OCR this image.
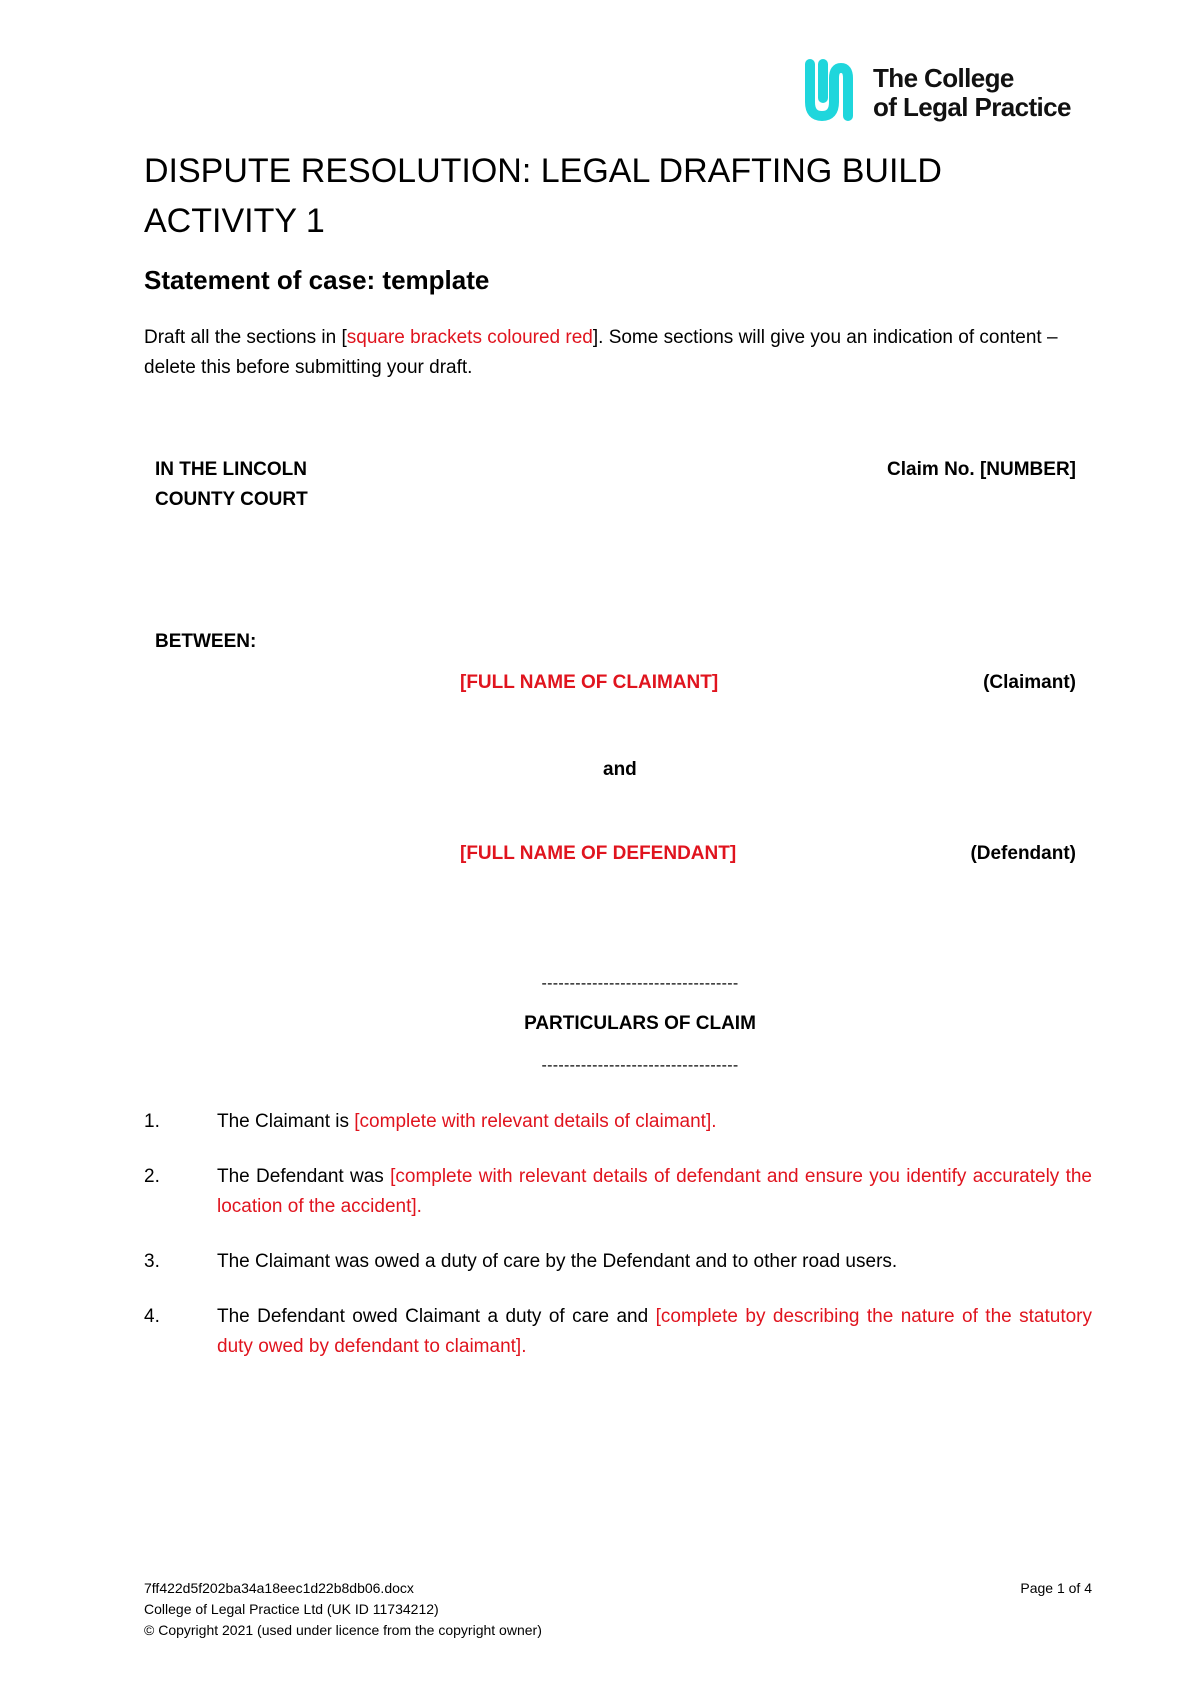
The College
of Legal Practice
DISPUTE RESOLUTION: LEGAL DRAFTING BUILD ACTIVITY 1
Statement of case: template

Draft all the sections in [square brackets coloured red]. Some sections will give you an indication of content – delete this before submitting your draft.

IN THE LINCOLN
COUNTY COURT
Claim No. [NUMBER]
BETWEEN:
[FULL NAME OF CLAIMANT]	(Claimant)
and
[FULL NAME OF DEFENDANT]	(Defendant)
-----------------------------------
PARTICULARS OF CLAIM
-----------------------------------
1.	The Claimant is [complete with relevant details of claimant].
2.	The Defendant was [complete with relevant details of defendant and ensure you identify accurately the location of the accident].
3.	The Claimant was owed a duty of care by the Defendant and to other road users.
4.	The Defendant owed Claimant a duty of care and [complete by describing the nature of the statutory duty owed by defendant to claimant].
7ff422d5f202ba34a18eec1d22b8db06.docx
College of Legal Practice Ltd (UK ID 11734212)
© Copyright 2021 (used under licence from the copyright owner)
Page 1 of 4
